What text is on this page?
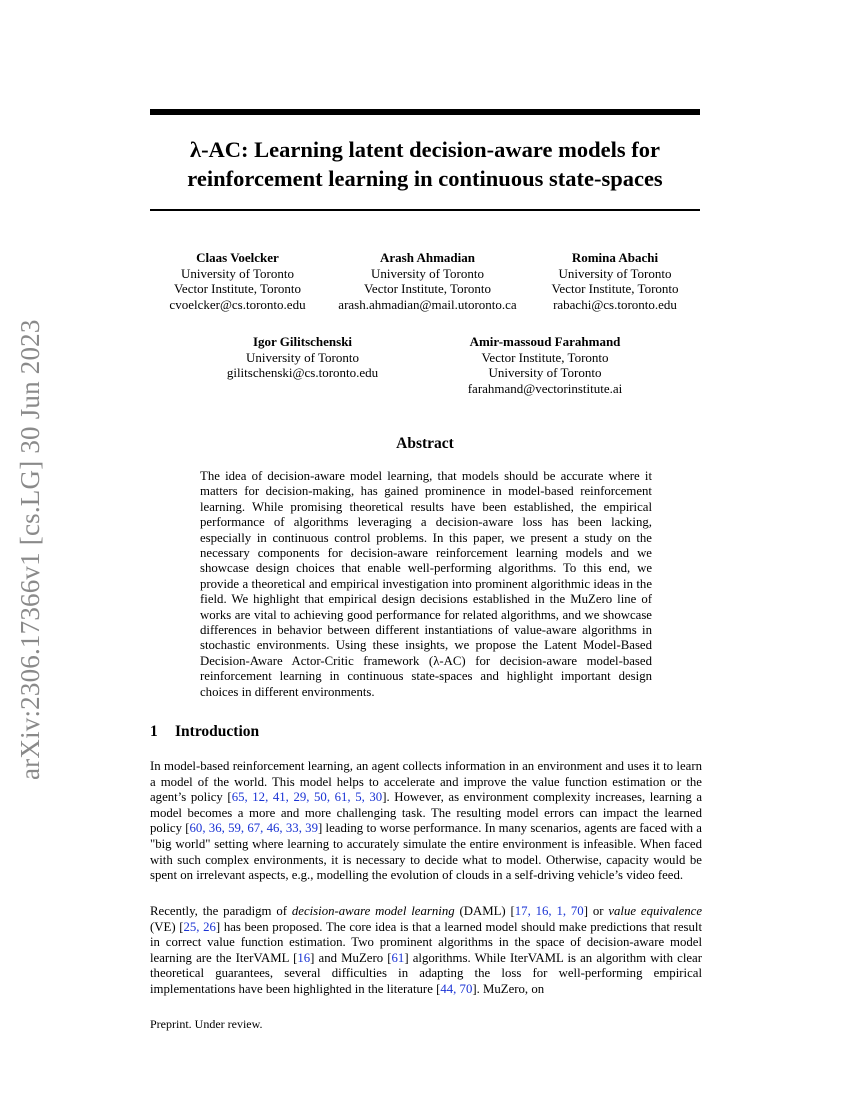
arXiv:2306.17366v1 [cs.LG] 30 Jun 2023
λ-AC: Learning latent decision-aware models for
reinforcement learning in continuous state-spaces
Claas Voelcker
University of Toronto
Vector Institute, Toronto
cvoelcker@cs.toronto.edu
Arash Ahmadian
University of Toronto
Vector Institute, Toronto
arash.ahmadian@mail.utoronto.ca
Romina Abachi
University of Toronto
Vector Institute, Toronto
rabachi@cs.toronto.edu
Igor Gilitschenski
University of Toronto
gilitschenski@cs.toronto.edu
Amir-massoud Farahmand
Vector Institute, Toronto
University of Toronto
farahmand@vectorinstitute.ai
Abstract
The idea of decision-aware model learning, that models should be accurate where it matters for decision-making, has gained prominence in model-based reinforcement learning. While promising theoretical results have been established, the empirical performance of algorithms leveraging a decision-aware loss has been lacking, especially in continuous control problems. In this paper, we present a study on the necessary components for decision-aware reinforcement learning models and we showcase design choices that enable well-performing algorithms. To this end, we provide a theoretical and empirical investigation into prominent algorithmic ideas in the field. We highlight that empirical design decisions established in the MuZero line of works are vital to achieving good performance for related algorithms, and we showcase differences in behavior between different instantiations of value-aware algorithms in stochastic environments. Using these insights, we propose the Latent Model-Based Decision-Aware Actor-Critic framework (λ-AC) for decision-aware model-based reinforcement learning in continuous state-spaces and highlight important design choices in different environments.
1 Introduction
In model-based reinforcement learning, an agent collects information in an environment and uses it to learn a model of the world. This model helps to accelerate and improve the value function estimation or the agent’s policy [65, 12, 41, 29, 50, 61, 5, 30]. However, as environment complexity increases, learning a model becomes a more and more challenging task. The resulting model errors can impact the learned policy [60, 36, 59, 67, 46, 33, 39] leading to worse performance. In many scenarios, agents are faced with a "big world" setting where learning to accurately simulate the entire environment is infeasible. When faced with such complex environments, it is necessary to decide what to model. Otherwise, capacity would be spent on irrelevant aspects, e.g., modelling the evolution of clouds in a self-driving vehicle’s video feed.
Recently, the paradigm of decision-aware model learning (DAML) [17, 16, 1, 70] or value equivalence (VE) [25, 26] has been proposed. The core idea is that a learned model should make predictions that result in correct value function estimation. Two prominent algorithms in the space of decision-aware model learning are the IterVAML [16] and MuZero [61] algorithms. While IterVAML is an algorithm with clear theoretical guarantees, several difficulties in adapting the loss for well-performing empirical implementations have been highlighted in the literature [44, 70]. MuZero, on
Preprint. Under review.
